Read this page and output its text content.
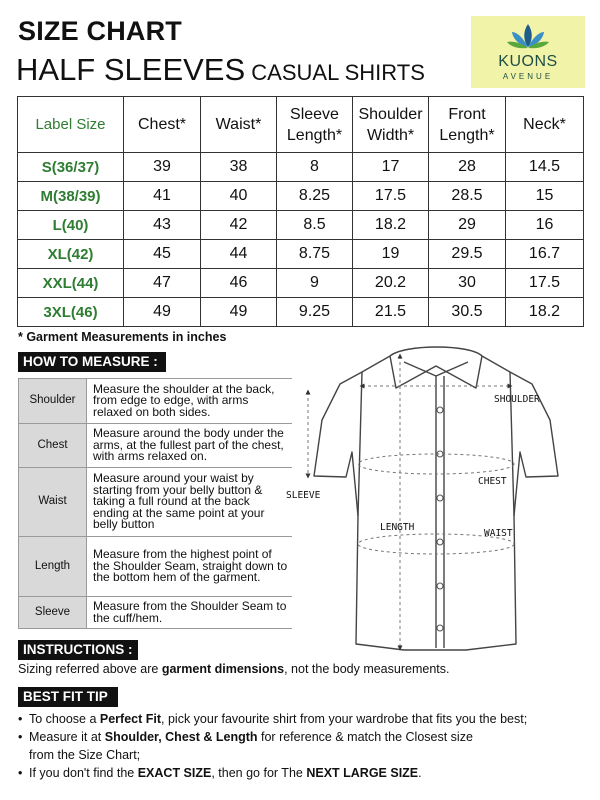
SIZE CHART
HALF SLEEVES CASUAL SHIRTS	KUONS
AVENUE
Label Size	Chest*	Waist*	Sleeve Length*	Shoulder Width*	Front Length*	Neck*
S(36/37)	39	38	8	17	28	14.5
M(38/39)	41	40	8.25	17.5	28.5	15
L(40)	43	42	8.5	18.2	29	16
XL(42)	45	44	8.75	19	29.5	16.7
XXL(44)	47	46	9	20.2	30	17.5
3XL(46)	49	49	9.25	21.5	30.5	18.2
* Garment Measurements in inches
HOW TO MEASURE :
Shoulder	Measure the shoulder at the back, from edge to edge, with arms relaxed on both sides.
Chest	Measure around the body under the arms, at the fullest part of the chest, with arms relaxed on.
Waist	Measure around your waist by starting from your belly button & taking a full round at the back ending at the same point at your belly button
Length	Measure from the highest point of the Shoulder Seam, straight down to the bottom hem of the garment.
Sleeve	Measure from the Shoulder Seam to the cuff/hem.
SHOULDER
CHEST
SLEEVE
LENGTH
WAIST
INSTRUCTIONS :
Sizing referred above are garment dimensions, not the body measurements.
BEST FIT TIP : • To choose a Perfect Fit, pick your favourite shirt from your wardrobe that fits you the best;
• Measure it at Shoulder, Chest & Length for reference & match the Closest size
from the Size Chart;
• If you don't find the EXACT SIZE, then go for The NEXT LARGE SIZE.
